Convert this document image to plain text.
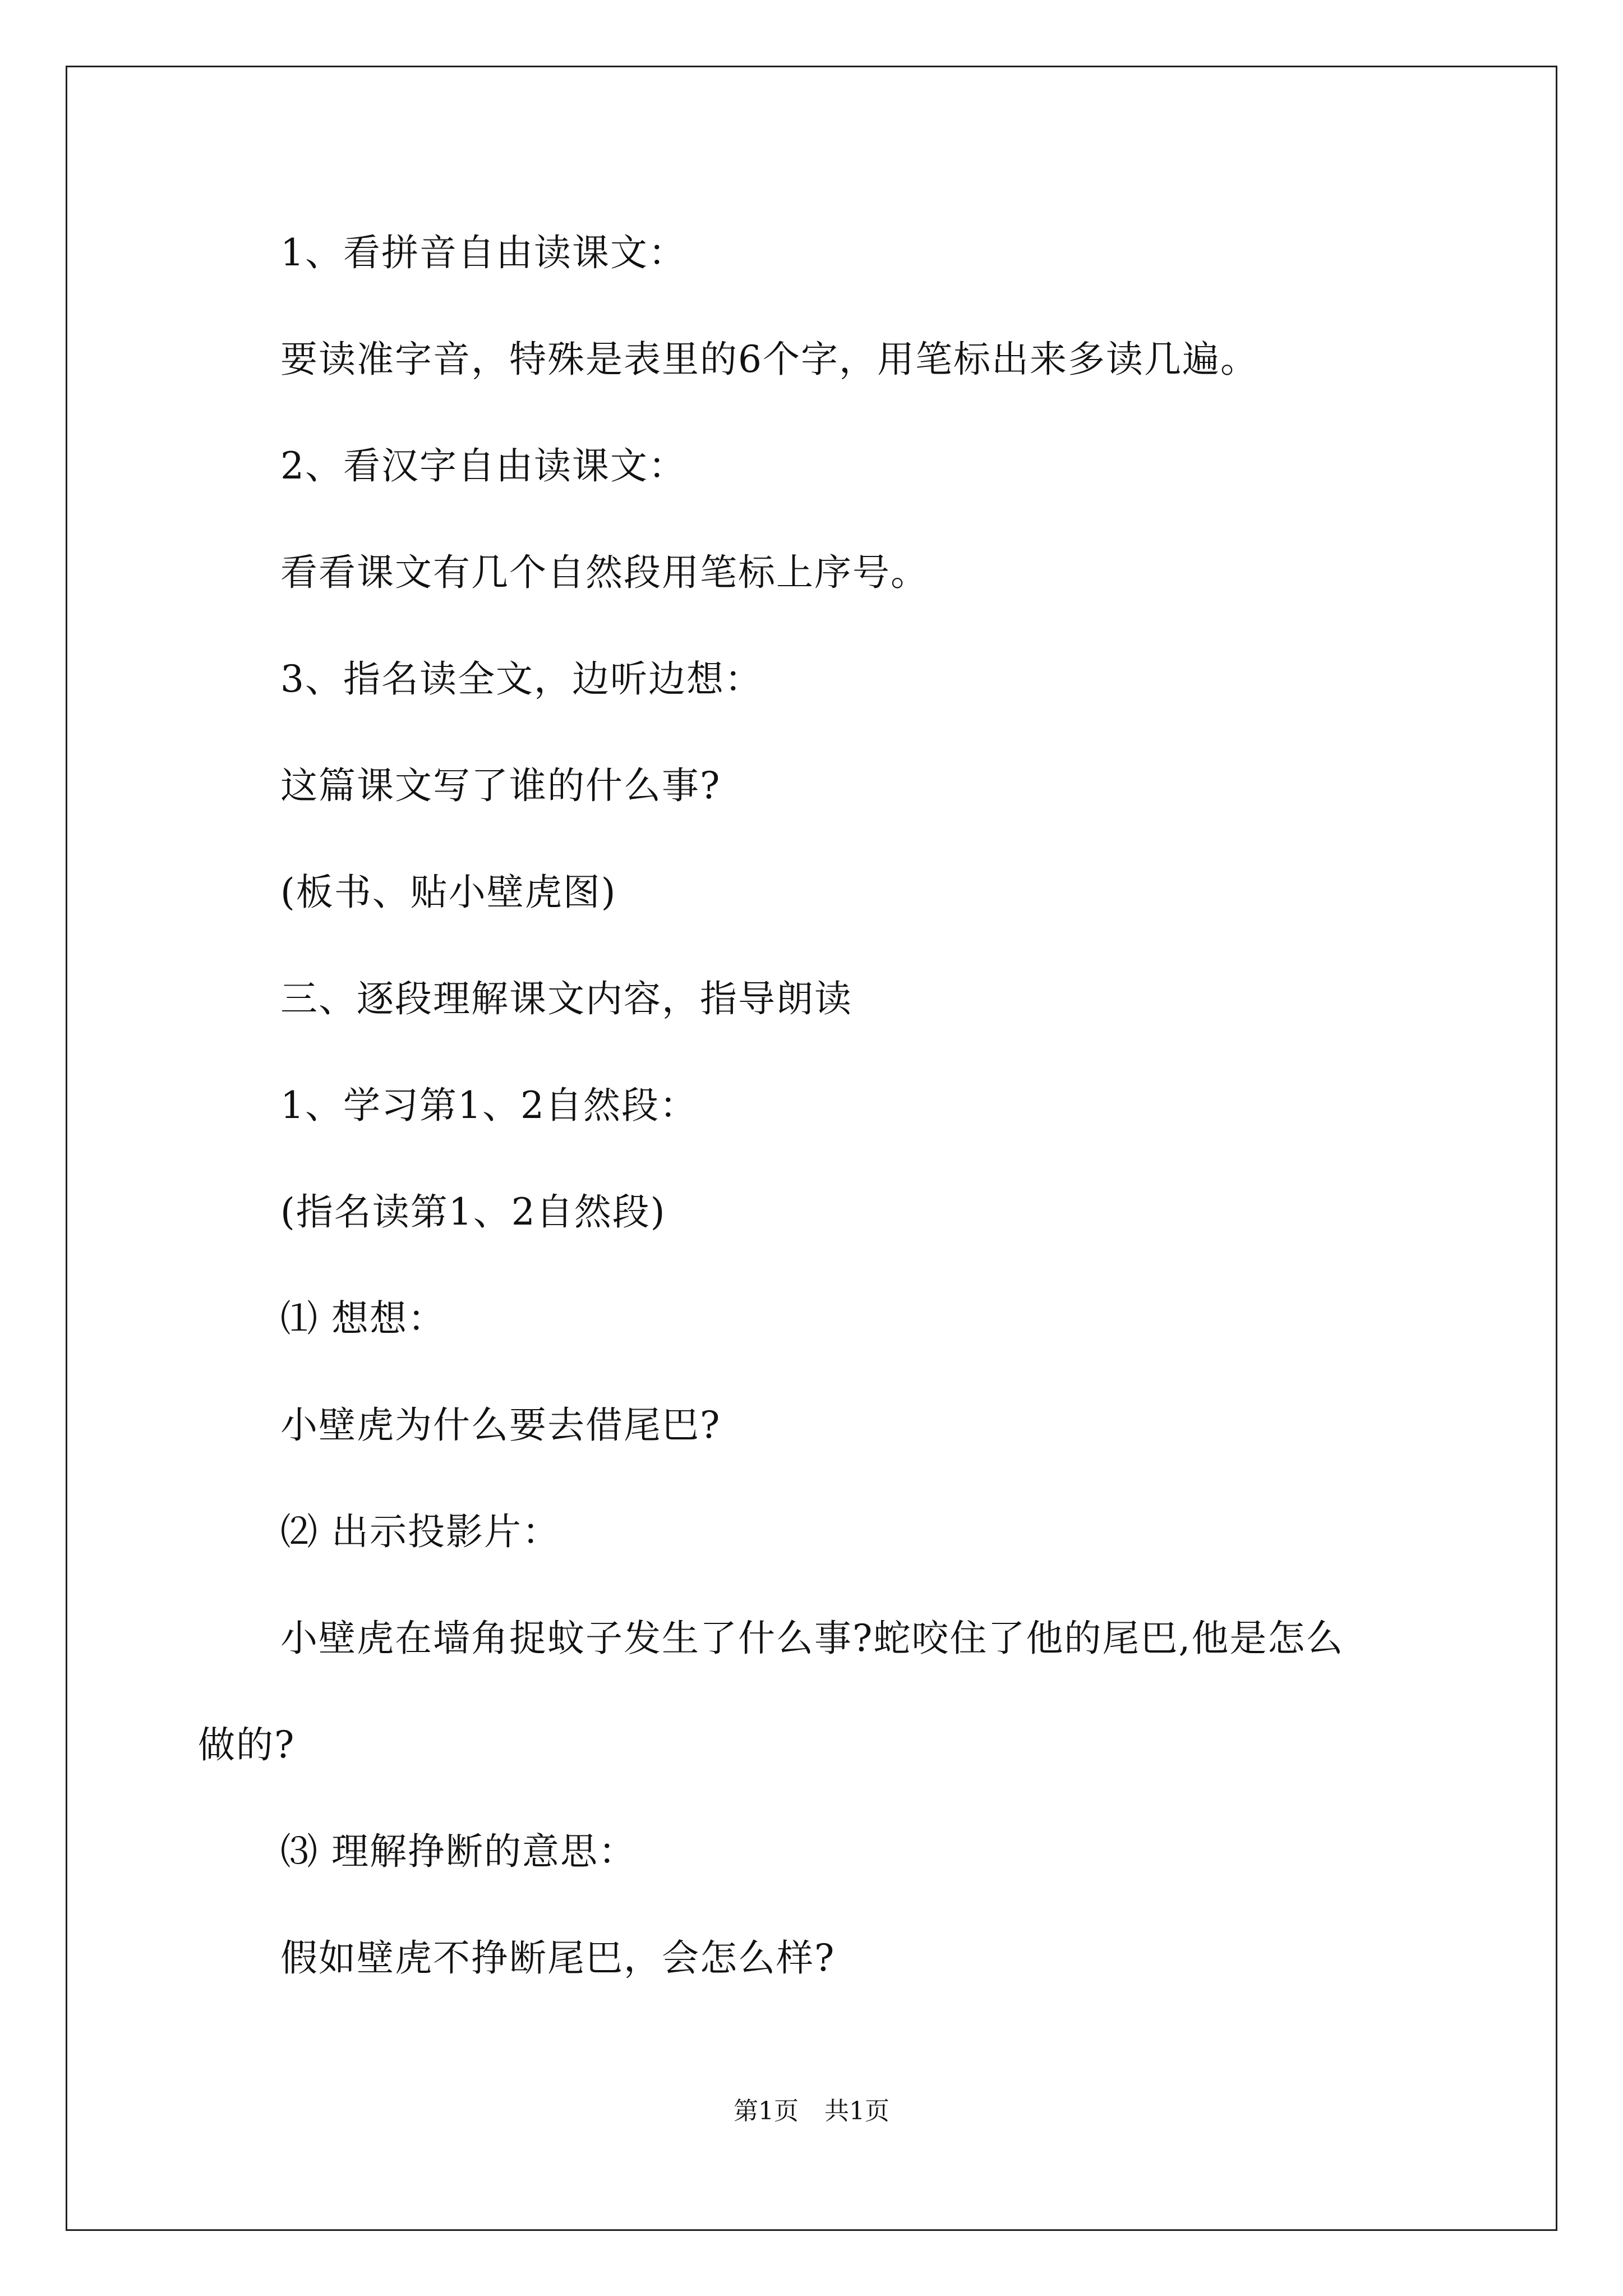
1、看拼音自由读课文：
要读准字音，特殊是表里的6个字，用笔标出来多读几遍。
2、看汉字自由读课文：
看看课文有几个自然段用笔标上序号。
3、指名读全文，边听边想：
这篇课文写了谁的什么事?
(板书、贴小壁虎图)
三、逐段理解课文内容，指导朗读
1、学习第1、2自然段：
(指名读第1、2自然段)
⑴ 想想：
小壁虎为什么要去借尾巴?
⑵ 出示投影片：
小壁虎在墙角捉蚊子发生了什么事?蛇咬住了他的尾巴,他是怎么
做的?
⑶ 理解挣断的意思：
假如壁虎不挣断尾巴，会怎么样?
第1页 共1页
